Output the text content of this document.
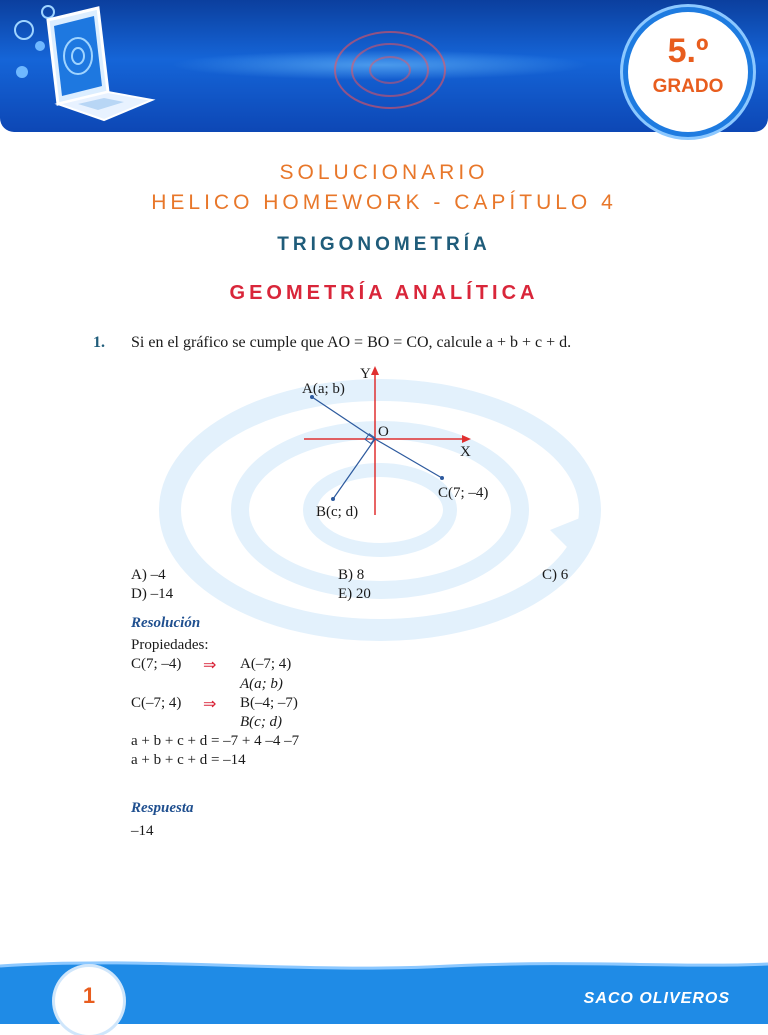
5.º
GRADO
SOLUCIONARIO
HELICO HOMEWORK - CAPÍTULO 4
TRIGONOMETRÍA
GEOMETRÍA ANALÍTICA
1. Si en el gráfico se cumple que AO = BO = CO, calcule a + b + c + d.
Y
X
O
A(a; b)
C(7; –4)
B(c; d)
A) –4	B) 8	C) 6
D) –14	E) 20
Resolución
Propiedades:
C(7; –4) ⇒ A(–7; 4)
A(a; b)
C(–7; 4) ⇒ B(–4; –7)
B(c; d)
a + b + c + d = –7 + 4 –4 –7
a + b + c + d = –14
Respuesta
–14
1	SACO OLIVEROS
